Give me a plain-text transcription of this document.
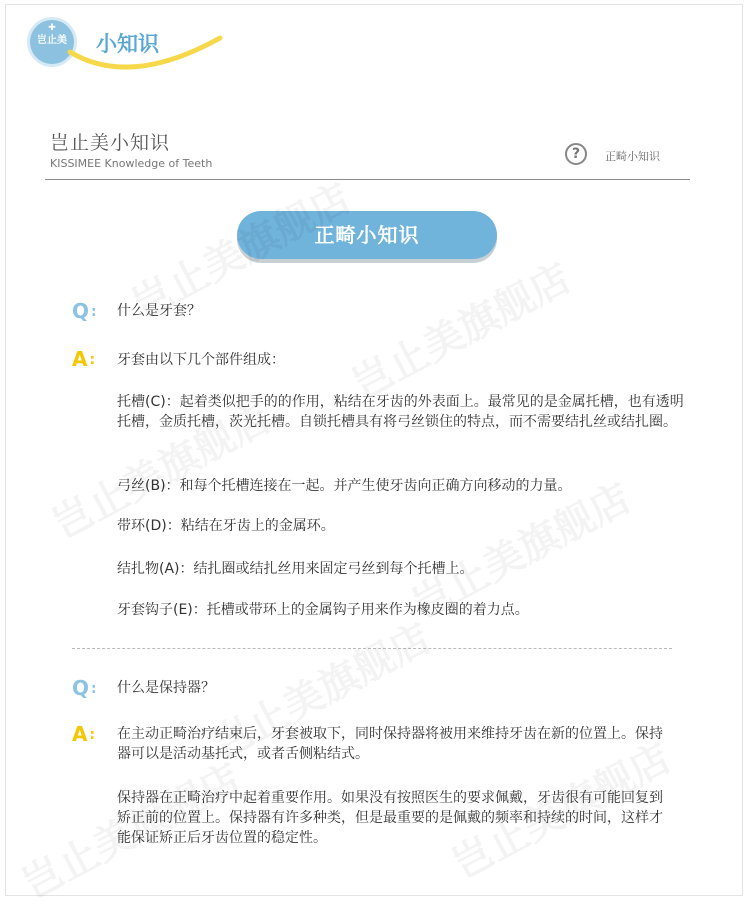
✚
岂止美	小知识
岂止美小知识
KISSIMEE Knowledge of Teeth
?	正畸小知识
正畸小知识
Q :	什么是牙套？
A :	牙套由以下几个部件组成：
托槽(C)：起着类似把手的的作用，粘结在牙齿的外表面上。最常见的是金属托槽，也有透明托槽，金质托槽，茨光托槽。自锁托槽具有将弓丝锁住的特点，而不需要结扎丝或结扎圈。
弓丝(B)：和每个托槽连接在一起。并产生使牙齿向正确方向移动的力量。
带环(D)：粘结在牙齿上的金属环。
结扎物(A)：结扎圈或结扎丝用来固定弓丝到每个托槽上。
牙套钩子(E)：托槽或带环上的金属钩子用来作为橡皮圈的着力点。
Q :	什么是保持器？
A :	在主动正畸治疗结束后，牙套被取下，同时保持器将被用来维持牙齿在新的位置上。保持器可以是活动基托式，或者舌侧粘结式。
保持器在正畸治疗中起着重要作用。如果没有按照医生的要求佩戴，牙齿很有可能回复到矫正前的位置上。保持器有许多种类，但是最重要的是佩戴的频率和持续的时间，这样才能保证矫正后牙齿位置的稳定性。
